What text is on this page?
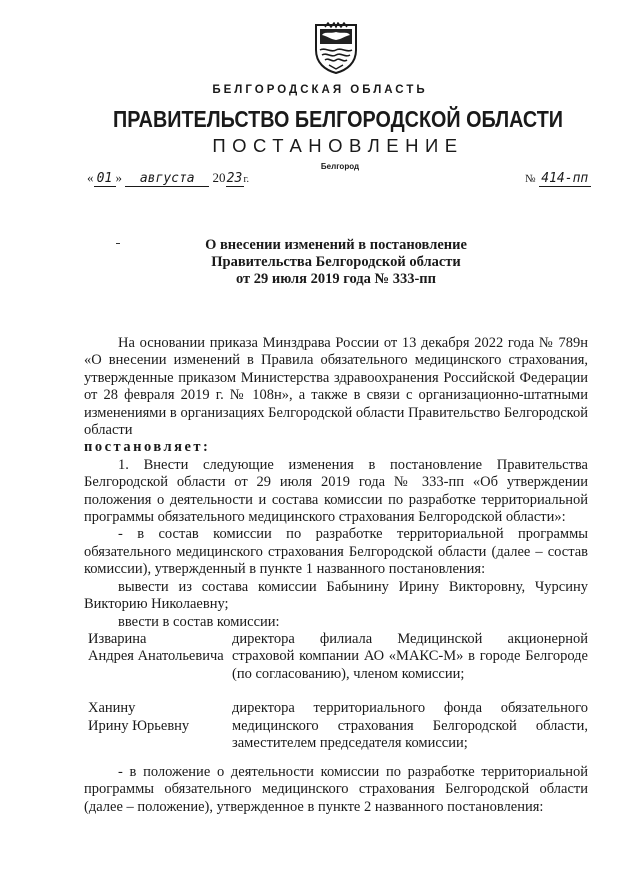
БЕЛГОРОДСКАЯ ОБЛАСТЬ
ПРАВИТЕЛЬСТВО БЕЛГОРОДСКОЙ ОБЛАСТИ
ПОСТАНОВЛЕНИЕ
Белгород
« 01 » августа 2023г.	№ 414-пп
О внесении изменений в постановление
Правительства Белгородской области
от 29 июля 2019 года № 333-пп

На основании приказа Минздрава России от 13 декабря 2022 года № 789н «О внесении изменений в Правила обязательного медицинского страхования, утвержденные приказом Министерства здравоохранения Российской Федерации от 28 февраля 2019 г. № 108н», а также в связи с организационно-штатными изменениями в организациях Белгородской области Правительство Белгородской области

постановляет:

1. Внести следующие изменения в постановление Правительства Белгородской области от 29 июля 2019 года № 333-пп «Об утверждении положения о деятельности и состава комиссии по разработке территориальной программы обязательного медицинского страхования Белгородской области»:

- в состав комиссии по разработке территориальной программы обязательного медицинского страхования Белгородской области (далее – состав комиссии), утвержденный в пункте 1 названного постановления:

вывести из состава комиссии Бабынину Ирину Викторовну, Чурсину Викторию Николаевну;

ввести в состав комиссии:

Изварина
Андрея Анатольевича
директора филиала Медицинской акционерной страховой компании АО «МАКС-М» в городе Белгороде (по согласованию), членом комиссии;
Ханину
Ирину Юрьевну
директора территориального фонда обязательного медицинского страхования Белгородской области, заместителем председателя комиссии;

- в положение о деятельности комиссии по разработке территориальной программы обязательного медицинского страхования Белгородской области (далее – положение), утвержденное в пункте 2 названного постановления:
